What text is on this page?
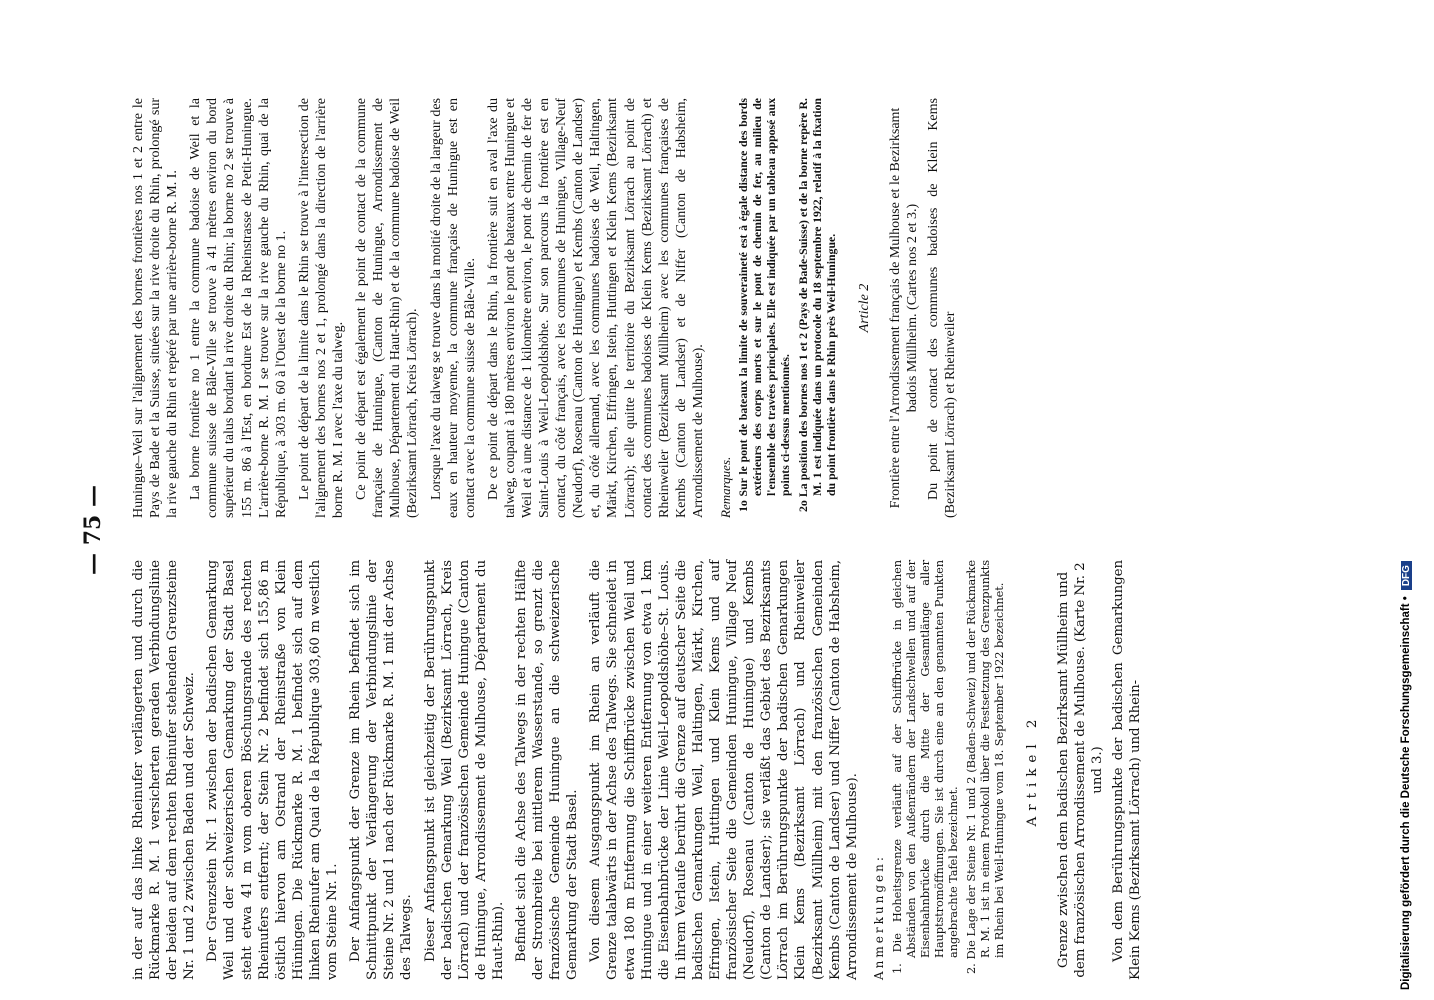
— 75 —

in der auf das linke Rheinufer verlängerten und durch die Rückmarke R. M. 1 versicherten geraden Verbindungslinie der beiden auf dem rechten Rheinufer stehenden Grenzsteine Nr. 1 und 2 zwischen Baden und der Schweiz. Der Grenzstein Nr. 1 zwischen der badischen Gemarkung Weil und der schweizerischen Gemarkung der Stadt Basel steht etwa 41 m vom oberen Böschungsrande des rechten Rheinufers entfernt; der Stein Nr. 2 befindet sich 155,86 m östlich hiervon am Ostrand der Rheinstraße von Klein Hüningen. Die Rückmarke R. M. 1 befindet sich auf dem linken Rheinufer am Quai de la République 303,60 m westlich vom Steine Nr. 1. Der Anfangspunkt der Grenze im Rhein befindet sich im Schnittpunkt der Verlängerung der Verbindungslinie der Steine Nr. 2 und 1 nach der Rückmarke R. M. 1 mit der Achse des Talwegs. Dieser Anfangspunkt ist gleichzeitig der Berührungspunkt der badischen Gemarkung Weil (Bezirksamt Lörrach, Kreis Lörrach) und der französischen Gemeinde Huningue (Canton de Huningue, Arrondissement de Mulhouse, Département du Haut-Rhin). Befindet sich die Achse des Talwegs in der rechten Hälfte der Strombreite bei mittlerem Wasserstande, so grenzt die französische Gemeinde Huningue an die schweizerische Gemarkung der Stadt Basel. Von diesem Ausgangspunkt im Rhein an verläuft die Grenze talabwärts in der Achse des Talwegs. Sie schneidet in etwa 180 m Entfernung die Schiffbrücke zwischen Weil und Huningue und in einer weiteren Entfernung von etwa 1 km die Eisenbahnbrücke der Linie Weil-Leopoldshöhe–St. Louis. In ihrem Verlaufe berührt die Grenze auf deutscher Seite die badischen Gemarkungen Weil, Haltingen, Märkt, Kirchen, Efringen, Istein, Huttingen und Klein Kems und auf französischer Seite die Gemeinden Huningue, Village Neuf (Neudorf), Rosenau (Canton de Huningue) und Kembs (Canton de Landser); sie verläßt das Gebiet des Bezirksamts Lörrach im Berührungspunkte der badischen Gemarkungen Klein Kems (Bezirksamt Lörrach) und Rheinweiler (Bezirksamt Müllheim) mit den französischen Gemeinden Kembs (Canton de Landser) und Niffer (Canton de Habsheim, Arrondissement de Mulhouse). Anmerkungen: 1. Die Hoheitsgrenze verläuft auf der Schiffbrücke in gleichen Abständen von den Außenrändern der Landschwellen und auf der Eisenbahnbrücke durch die Mitte der Gesamtlänge aller Hauptstromöffnungen. Sie ist durch eine an den genannten Punkten angebrachte Tafel bezeichnet. 2. Die Lage der Steine Nr. 1 und 2 (Baden-Schweiz) und der Rückmarke R. M. 1 ist in einem Protokoll über die Festsetzung des Grenzpunkts im Rhein bei Weil-Huningue vom 18. September 1922 bezeichnet. Artikel 2 Grenze zwischen dem badischen Bezirksamt Müllheim und dem französischen Arrondissement de Mulhouse. (Karte Nr. 2 und 3.) Von dem Berührungspunkte der badischen Gemarkungen Klein Kems (Bezirksamt Lörrach) und Rhein-

Huningue–Weil sur l'alignement des bornes frontières nos 1 et 2 entre le Pays de Bade et la Suisse, situées sur la rive droite du Rhin, prolongé sur la rive gauche du Rhin et repéré par une arrière-borne R. M. I. La borne frontière no 1 entre la commune badoise de Weil et la commune suisse de Bâle-Ville se trouve à 41 mètres environ du bord supérieur du talus bordant la rive droite du Rhin; la borne no 2 se trouve à 155 m. 86 à l'Est, en bordure Est de la Rheinstrasse de Petit-Huningue. L'arrière-borne R. M. I se trouve sur la rive gauche du Rhin, quai de la République, à 303 m. 60 à l'Ouest de la borne no 1. Le point de départ de la limite dans le Rhin se trouve à l'intersection de l'alignement des bornes nos 2 et 1, prolongé dans la direction de l'arrière borne R. M. I avec l'axe du talweg. Ce point de départ est également le point de contact de la commune française de Huningue, (Canton de Huningue, Arrondissement de Mulhouse, Département du Haut-Rhin) et de la commune badoise de Weil (Bezirksamt Lörrach, Kreis Lörrach). Lorsque l'axe du talweg se trouve dans la moitié droite de la largeur des eaux en hauteur moyenne, la commune française de Huningue est en contact avec la commune suisse de Bâle-Ville. De ce point de départ dans le Rhin, la frontière suit en aval l'axe du talweg, coupant à 180 mètres environ le pont de bateaux entre Huningue et Weil et à une distance de 1 kilomètre environ, le pont de chemin de fer de Saint-Louis à Weil-Leopoldshöhe. Sur son parcours la frontière est en contact, du côté français, avec les communes de Huningue, Village-Neuf (Neudorf), Rosenau (Canton de Huningue) et Kembs (Canton de Landser) et, du côté allemand, avec les communes badoises de Weil, Haltingen, Märkt, Kirchen, Effringen, Istein, Huttingen et Klein Kems (Bezirksamt Lörrach); elle quitte le territoire du Bezirksamt Lörrach au point de contact des communes badoises de Klein Kems (Bezirksamt Lörrach) et Rheinweiler (Bezirksamt Müllheim) avec les communes françaises de Kembs (Canton de Landser) et de Niffer (Canton de Habsheim, Arrondissement de Mulhouse). Remarques. 1o Sur le pont de bateaux la limite de souveraineté est à égale distance des bords extérieurs des corps morts et sur le pont de chemin de fer, au milieu de l'ensemble des travées principales. Elle est indiquée par un tableau apposé aux points ci-dessus mentionnés. 2o La position des bornes nos 1 et 2 (Pays de Bade-Suisse) et de la borne repère R. M. 1 est indiquée dans un protocole du 18 septembre 1922, relatif à la fixation du point frontière dans le Rhin près Weil-Huningue. Article 2 Frontière entre l'Arrondissement français de Mulhouse et le Bezirksamt badois Müllheim. (Cartes nos 2 et 3.) Du point de contact des communes badoises de Klein Kems (Bezirksamt Lörrach) et Rheinweiler

Digitalisierung gefördert durch die Deutsche Forschungsgemeinschaft •DFG
